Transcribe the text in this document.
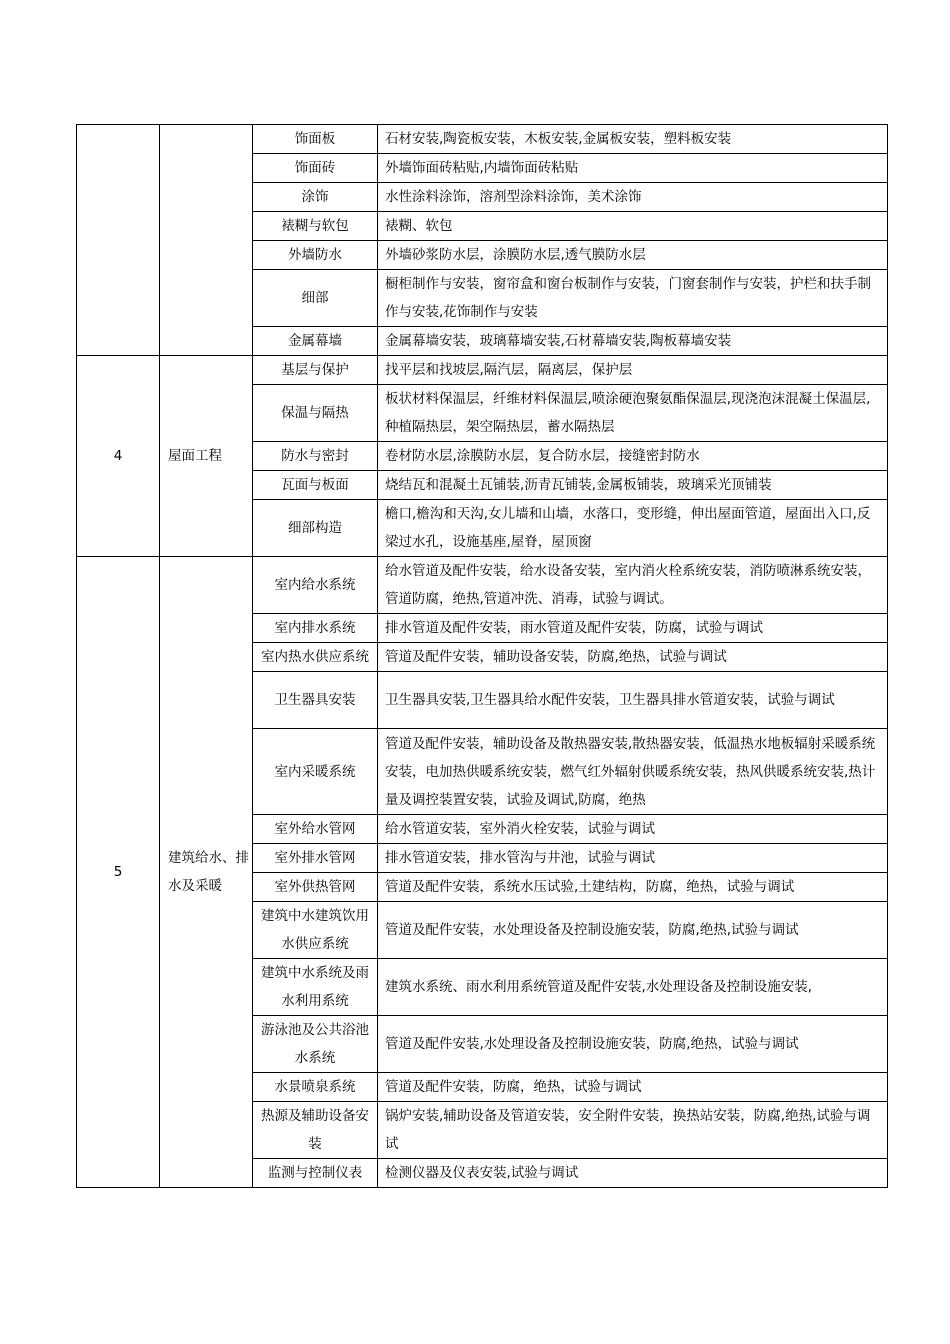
		饰面板	石材安装,陶瓷板安装，木板安装,金属板安装，塑料板安装
		饰面砖	外墙饰面砖粘贴,内墙饰面砖粘贴
		涂饰	水性涂料涂饰，溶剂型涂料涂饰，美术涂饰
		裱糊与软包	裱糊、软包
		外墙防水	外墙砂浆防水层，涂膜防水层,透气膜防水层
		细部	橱柜制作与安装，窗帘盒和窗台板制作与安装，门窗套制作与安装，护栏和扶手制作与安装,花饰制作与安装
		金属幕墙	金属幕墙安装，玻璃幕墙安装,石材幕墙安装,陶板幕墙安装
4	屋面工程	基层与保护	找平层和找坡层,隔汽层，隔离层，保护层
		保温与隔热	板状材料保温层，纤维材料保温层,喷涂硬泡聚氨酯保温层,现浇泡沫混凝土保温层,种植隔热层，架空隔热层，蓄水隔热层
		防水与密封	卷材防水层,涂膜防水层，复合防水层，接缝密封防水
		瓦面与板面	烧结瓦和混凝土瓦铺装,沥青瓦铺装,金属板铺装，玻璃采光顶铺装
		细部构造	檐口,檐沟和天沟,女儿墙和山墙，水落口，变形缝，伸出屋面管道，屋面出入口,反梁过水孔，设施基座,屋脊，屋顶窗
5	建筑给水、排水及采暖	室内给水系统	给水管道及配件安装，给水设备安装，室内消火栓系统安装，消防喷淋系统安装，管道防腐，绝热,管道冲洗、消毒，试验与调试。
		室内排水系统	排水管道及配件安装，雨水管道及配件安装，防腐，试验与调试
		室内热水供应系统	管道及配件安装，辅助设备安装，防腐,绝热，试验与调试
		卫生器具安装	卫生器具安装,卫生器具给水配件安装，卫生器具排水管道安装，试验与调试
		室内采暖系统	管道及配件安装，辅助设备及散热器安装,散热器安装，低温热水地板辐射采暖系统安装，电加热供暖系统安装，燃气红外辐射供暖系统安装，热风供暖系统安装,热计量及调控装置安装，试验及调试,防腐，绝热
		室外给水管网	给水管道安装，室外消火栓安装，试验与调试
		室外排水管网	排水管道安装，排水管沟与井池，试验与调试
		室外供热管网	管道及配件安装，系统水压试验,土建结构，防腐，绝热，试验与调试
		建筑中水建筑饮用水供应系统	管道及配件安装，水处理设备及控制设施安装，防腐,绝热,试验与调试
		建筑中水系统及雨水利用系统	建筑水系统、雨水利用系统管道及配件安装,水处理设备及控制设施安装,
		游泳池及公共浴池水系统	管道及配件安装,水处理设备及控制设施安装，防腐,绝热，试验与调试
		水景喷泉系统	管道及配件安装，防腐，绝热，试验与调试
		热源及辅助设备安装	锅炉安装,辅助设备及管道安装，安全附件安装，换热站安装，防腐,绝热,试验与调试
		监测与控制仪表	检测仪器及仪表安装,试验与调试
